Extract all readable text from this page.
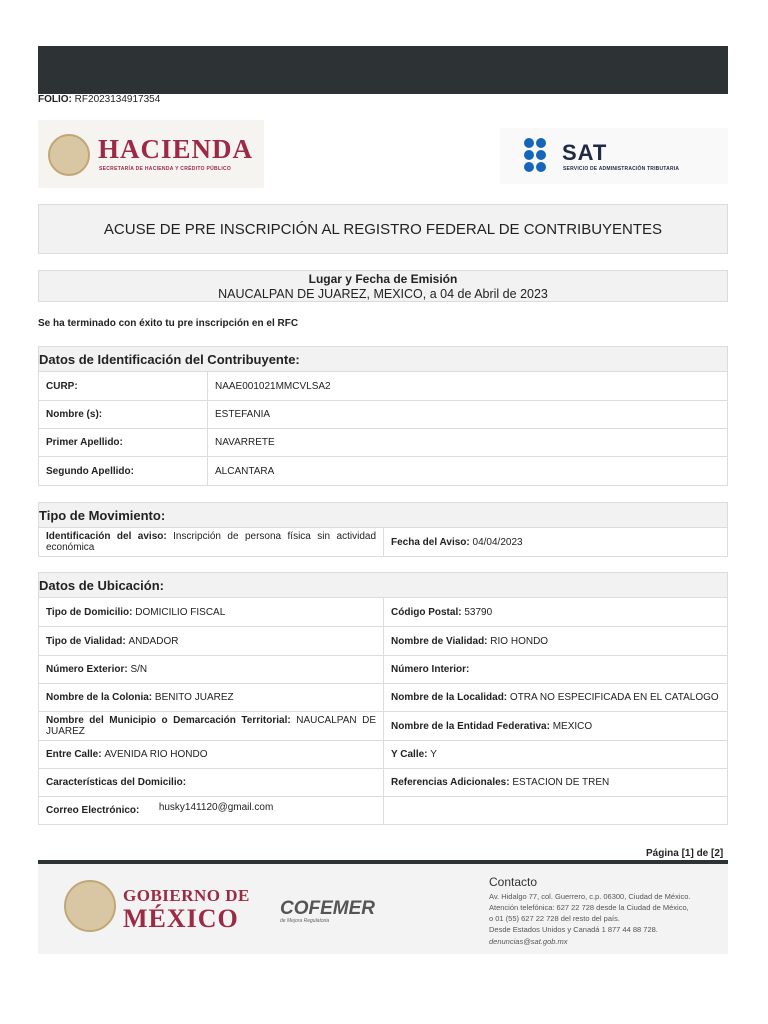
FOLIO: RF2023134917354
HACIENDA
SECRETARÍA DE HACIENDA Y CRÉDITO PÚBLICO
SAT
SERVICIO DE ADMINISTRACIÓN TRIBUTARIA
ACUSE DE PRE INSCRIPCIÓN AL REGISTRO FEDERAL DE CONTRIBUYENTES
Lugar y Fecha de Emisión
NAUCALPAN DE JUAREZ, MEXICO, a 04 de Abril de 2023
Se ha terminado con éxito tu pre inscripción en el RFC
Datos de Identificación del Contribuyente:
CURP:	NAAE001021MMCVLSA2
Nombre (s):	ESTEFANIA
Primer Apellido:	NAVARRETE
Segundo Apellido:	ALCANTARA
Tipo de Movimiento:
Identificación del aviso: Inscripción de persona física sin actividad económica	Fecha del Aviso:
04/04/2023
Datos de Ubicación:
Tipo de Domicilio:
DOMICILIO FISCAL	Código Postal:
53790
Tipo de Vialidad:
ANDADOR	Nombre de Vialidad:
RIO HONDO
Número Exterior:
S/N	Número Interior:

Nombre de la Colonia:
BENITO JUAREZ	Nombre de la Localidad: OTRA NO ESPECIFICADA EN EL CATALOGO
Nombre del Municipio o Demarcación Territorial: NAUCALPAN DE JUAREZ	Nombre de la Entidad Federativa:
MEXICO
Entre Calle:
AVENIDA RIO HONDO	Y Calle:
Y
Características del Domicilio:
	Referencias Adicionales:
ESTACION DE TREN
Correo Electrónico:
husky141120@gmail.com
Página [1] de [2]
GOBIERNO DE
MÉXICO COFEMER
de Mejora Regulatoria
Contacto
Av. Hidalgo 77, col. Guerrero, c.p. 06300, Ciudad de México.
Atención telefónica: 627 22 728 desde la Ciudad de México,
o 01 (55) 627 22 728 del resto del país.
Desde Estados Unidos y Canadá 1 877 44 88 728.
denuncias@sat.gob.mx
